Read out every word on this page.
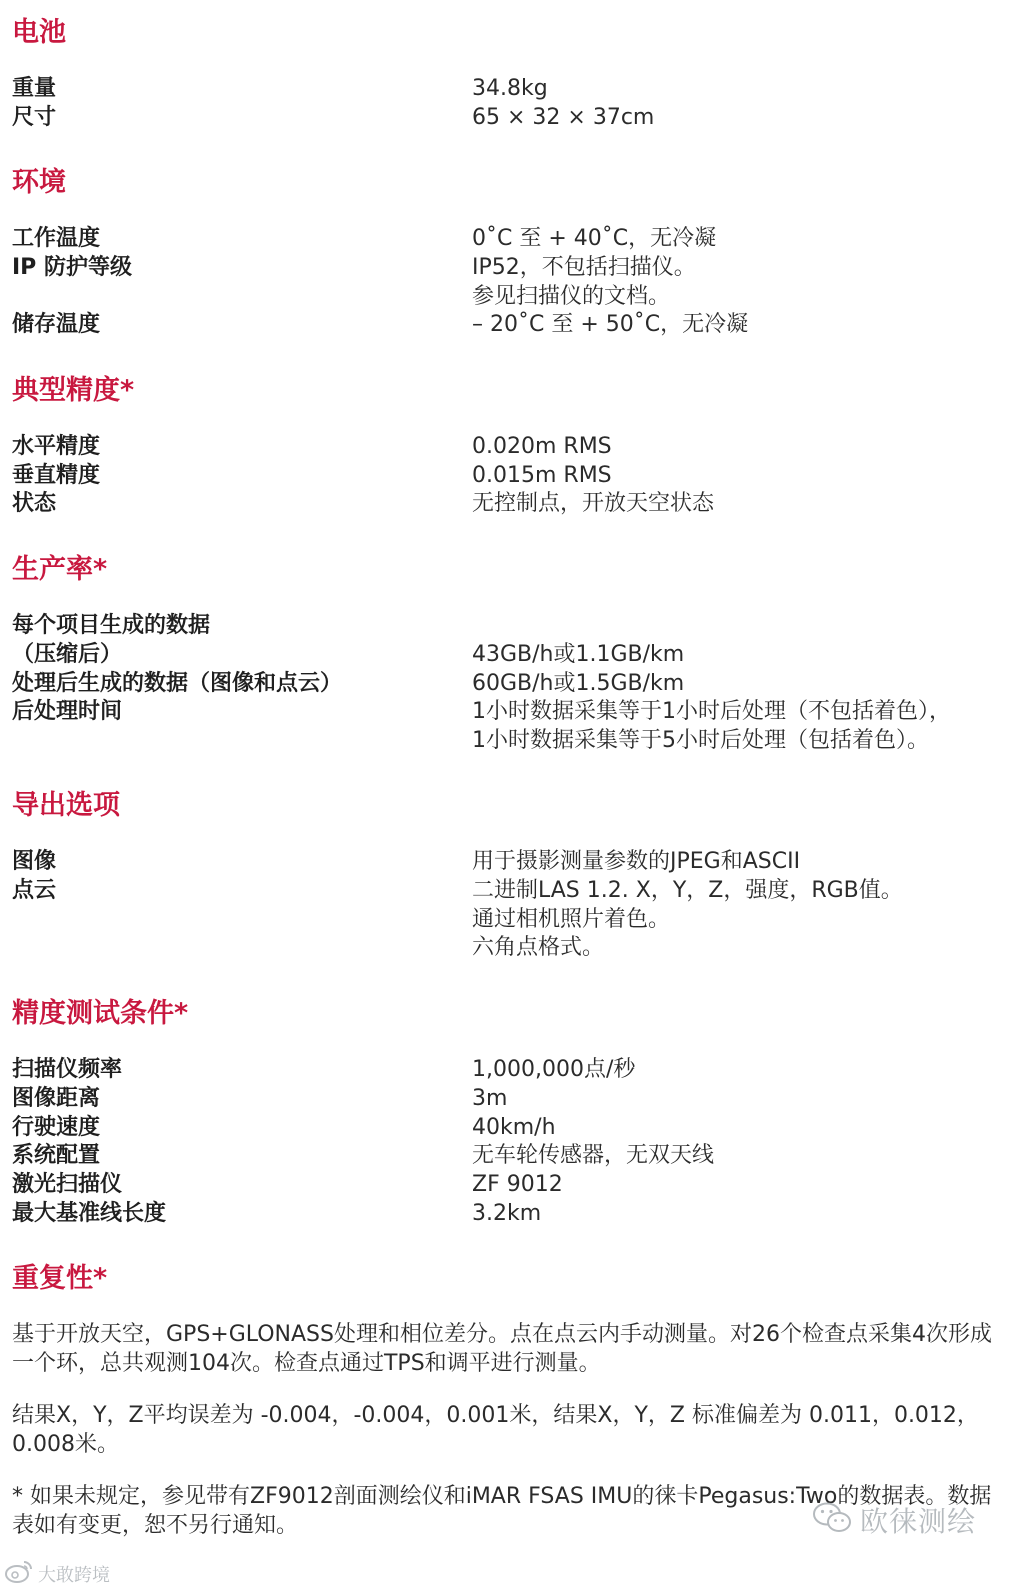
电池
重量	34.8kg
尺寸	65 × 32 × 37cm
环境
工作温度	0˚C 至 + 40˚C，无冷凝
IP 防护等级	IP52，不包括扫描仪。
参见扫描仪的文档。
储存温度	– 20˚C 至 + 50˚C，无冷凝
典型精度*
水平精度	0.020m RMS
垂直精度	0.015m RMS
状态	无控制点，开放天空状态
生产率*
每个项目生成的数据
（压缩后）	43GB/h或1.1GB/km
处理后生成的数据（图像和点云）	60GB/h或1.5GB/km
后处理时间	1小时数据采集等于1小时后处理（不包括着色），
1小时数据采集等于5小时后处理（包括着色）。
导出选项
图像	用于摄影测量参数的JPEG和ASCII
点云	二进制LAS 1.2. X，Y，Z，强度，RGB值。
通过相机照片着色。
六角点格式。
精度测试条件*
扫描仪频率	1,000,000点/秒
图像距离	3m
行驶速度	40km/h
系统配置	无车轮传感器，无双天线
激光扫描仪	ZF 9012
最大基准线长度	3.2km
重复性*

基于开放天空，GPS+GLONASS处理和相位差分。点在点云内手动测量。对26个检查点采集4次形成一个环，总共观测104次。检查点通过TPS和调平进行测量。

结果X，Y，Z平均误差为 -0.004，-0.004，0.001米，结果X，Y，Z 标准偏差为 0.011，0.012，0.008米。

* 如果未规定，参见带有ZF9012剖面测绘仪和iMAR FSAS IMU的徕卡Pegasus:Two的数据表。数据表如有变更，恕不另行通知。	欧徕测绘
大敢跨境
